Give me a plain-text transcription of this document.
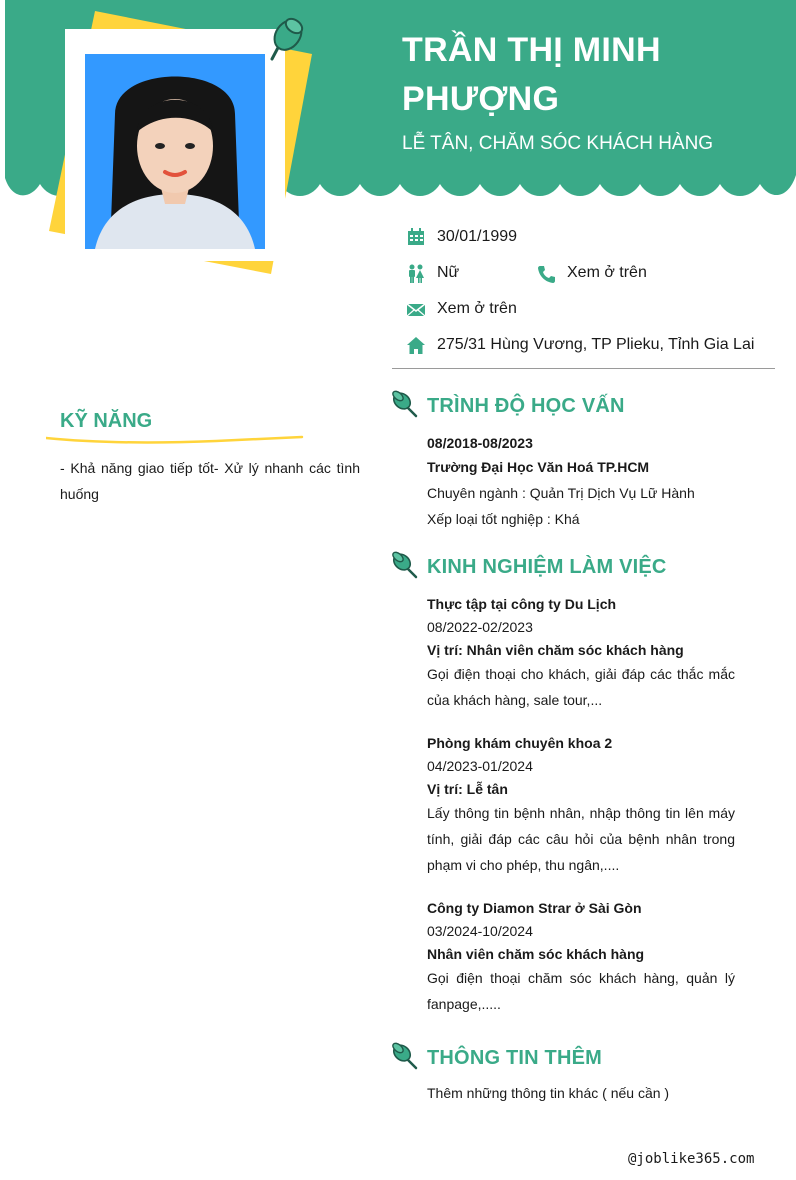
TRẦN THỊ MINH
PHƯỢNG
LỄ TÂN, CHĂM SÓC KHÁCH HÀNG
30/01/1999
Nữ	Xem ở trên
Xem ở trên
275/31 Hùng Vương, TP Plieku, Tỉnh Gia Lai
KỸ NĂNG
- Khả năng giao tiếp tốt- Xử lý nhanh các tình huống
TRÌNH ĐỘ HỌC VẤN
08/2018-08/2023
Trường Đại Học Văn Hoá TP.HCM
Chuyên ngành : Quản Trị Dịch Vụ Lữ Hành
Xếp loại tốt nghiệp : Khá
KINH NGHIỆM LÀM VIỆC
Thực tập tại công ty Du Lịch
08/2022-02/2023
Vị trí: Nhân viên chăm sóc khách hàng
Gọi điện thoại cho khách, giải đáp các thắc mắc của khách hàng, sale tour,...
Phòng khám chuyên khoa 2
04/2023-01/2024
Vị trí: Lễ tân
Lấy thông tin bệnh nhân, nhập thông tin lên máy tính, giải đáp các câu hỏi của bệnh nhân trong phạm vi cho phép, thu ngân,....
Công ty Diamon Strar ở Sài Gòn
03/2024-10/2024
Nhân viên chăm sóc khách hàng
Gọi điện thoại chăm sóc khách hàng, quản lý fanpage,.....
THÔNG TIN THÊM
Thêm những thông tin khác ( nếu cần )
@joblike365.com
